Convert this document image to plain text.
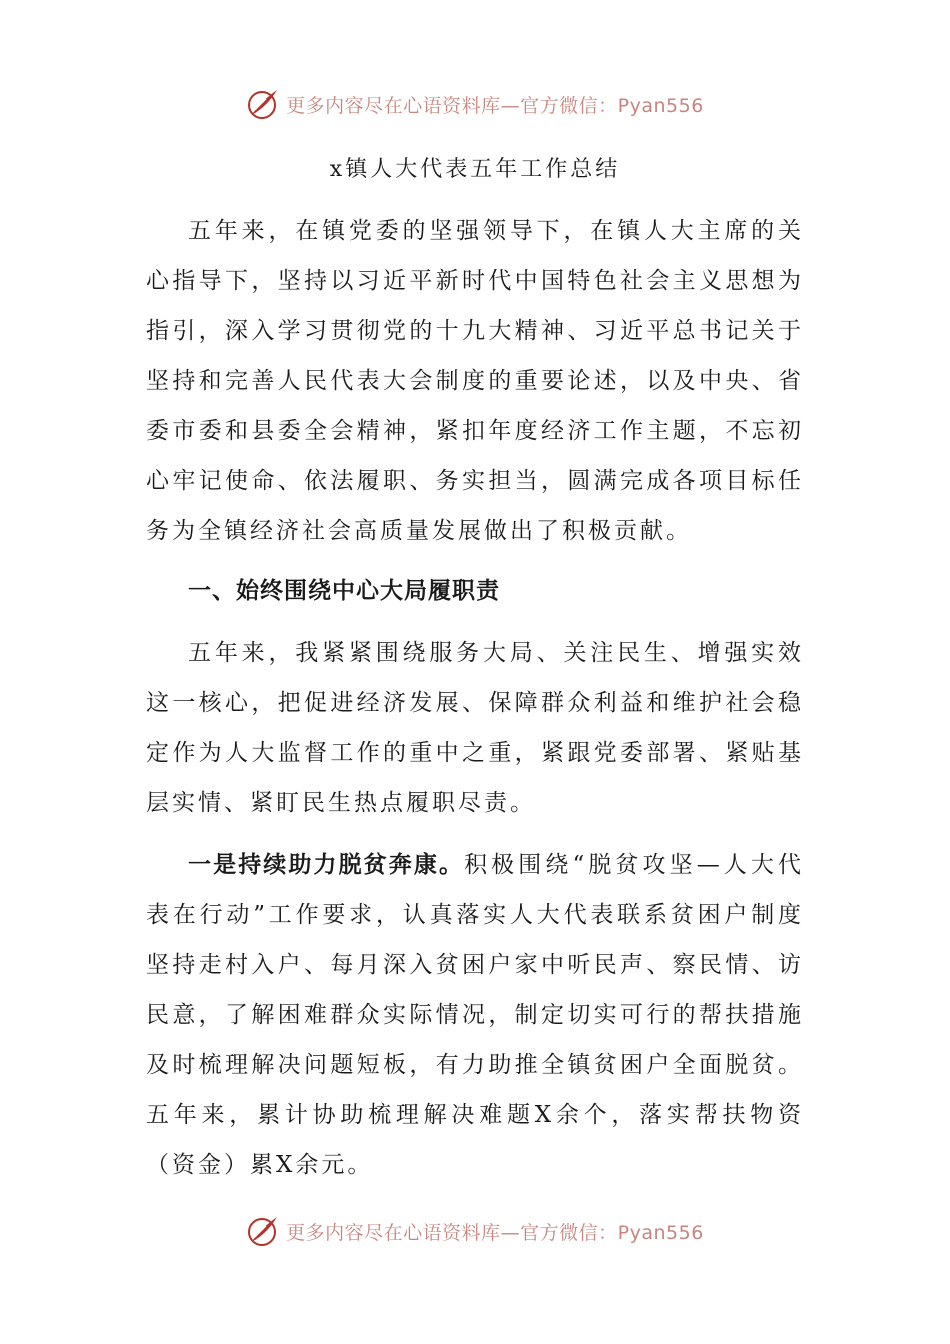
更多内容尽在心语资料库—官方微信：Pyan556
x镇人大代表五年工作总结

五年来，在镇党委的坚强领导下，在镇人大主席的关心指导下，坚持以习近平新时代中国特色社会主义思想为指引，深入学习贯彻党的十九大精神、习近平总书记关于坚持和完善人民代表大会制度的重要论述，以及中央、省委市委和县委全会精神，紧扣年度经济工作主题，不忘初心牢记使命、依法履职、务实担当，圆满完成各项目标任务为全镇经济社会高质量发展做出了积极贡献。

一、始终围绕中心大局履职责

五年来，我紧紧围绕服务大局、关注民生、增强实效这一核心，把促进经济发展、保障群众利益和维护社会稳定作为人大监督工作的重中之重，紧跟党委部署、紧贴基层实情、紧盯民生热点履职尽责。

一是持续助力脱贫奔康。积极围绕“脱贫攻坚—人大代表在行动”工作要求，认真落实人大代表联系贫困户制度坚持走村入户、每月深入贫困户家中听民声、察民情、访民意，了解困难群众实际情况，制定切实可行的帮扶措施及时梳理解决问题短板，有力助推全镇贫困户全面脱贫。五年来，累计协助梳理解决难题X余个，落实帮扶物资（资金）累X余元。

更多内容尽在心语资料库—官方微信：Pyan556
